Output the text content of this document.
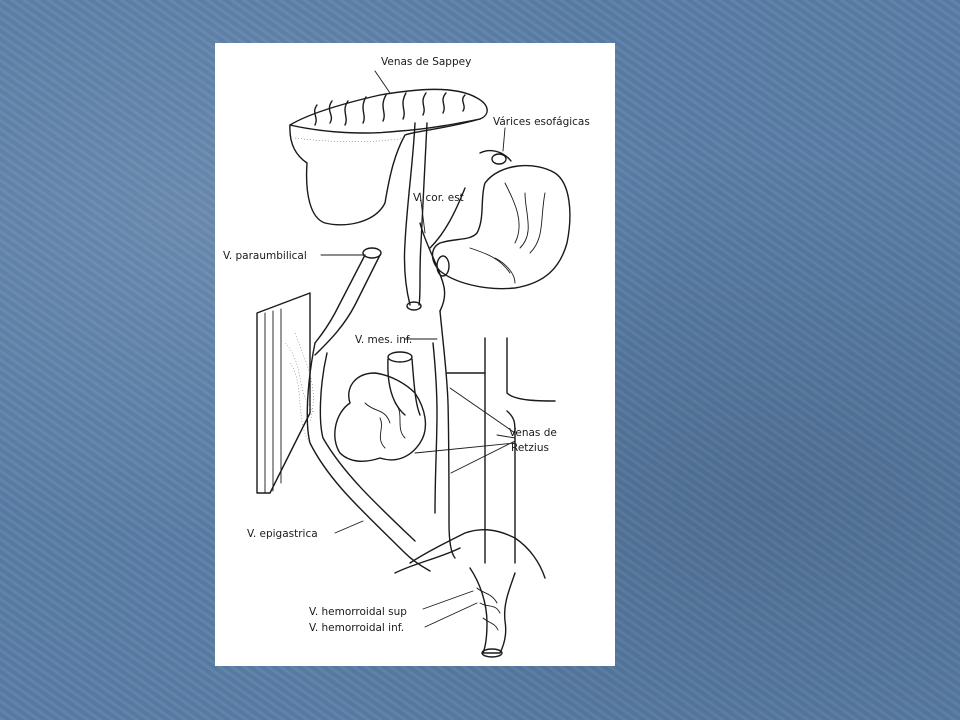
Venas de Sappey
Várices esofágicas
V. cor. est
V. paraumbilical
V. mes. inf.
Venas de
Retzius
V. epigastrica
V. hemorroidal sup
V. hemorroidal inf.
